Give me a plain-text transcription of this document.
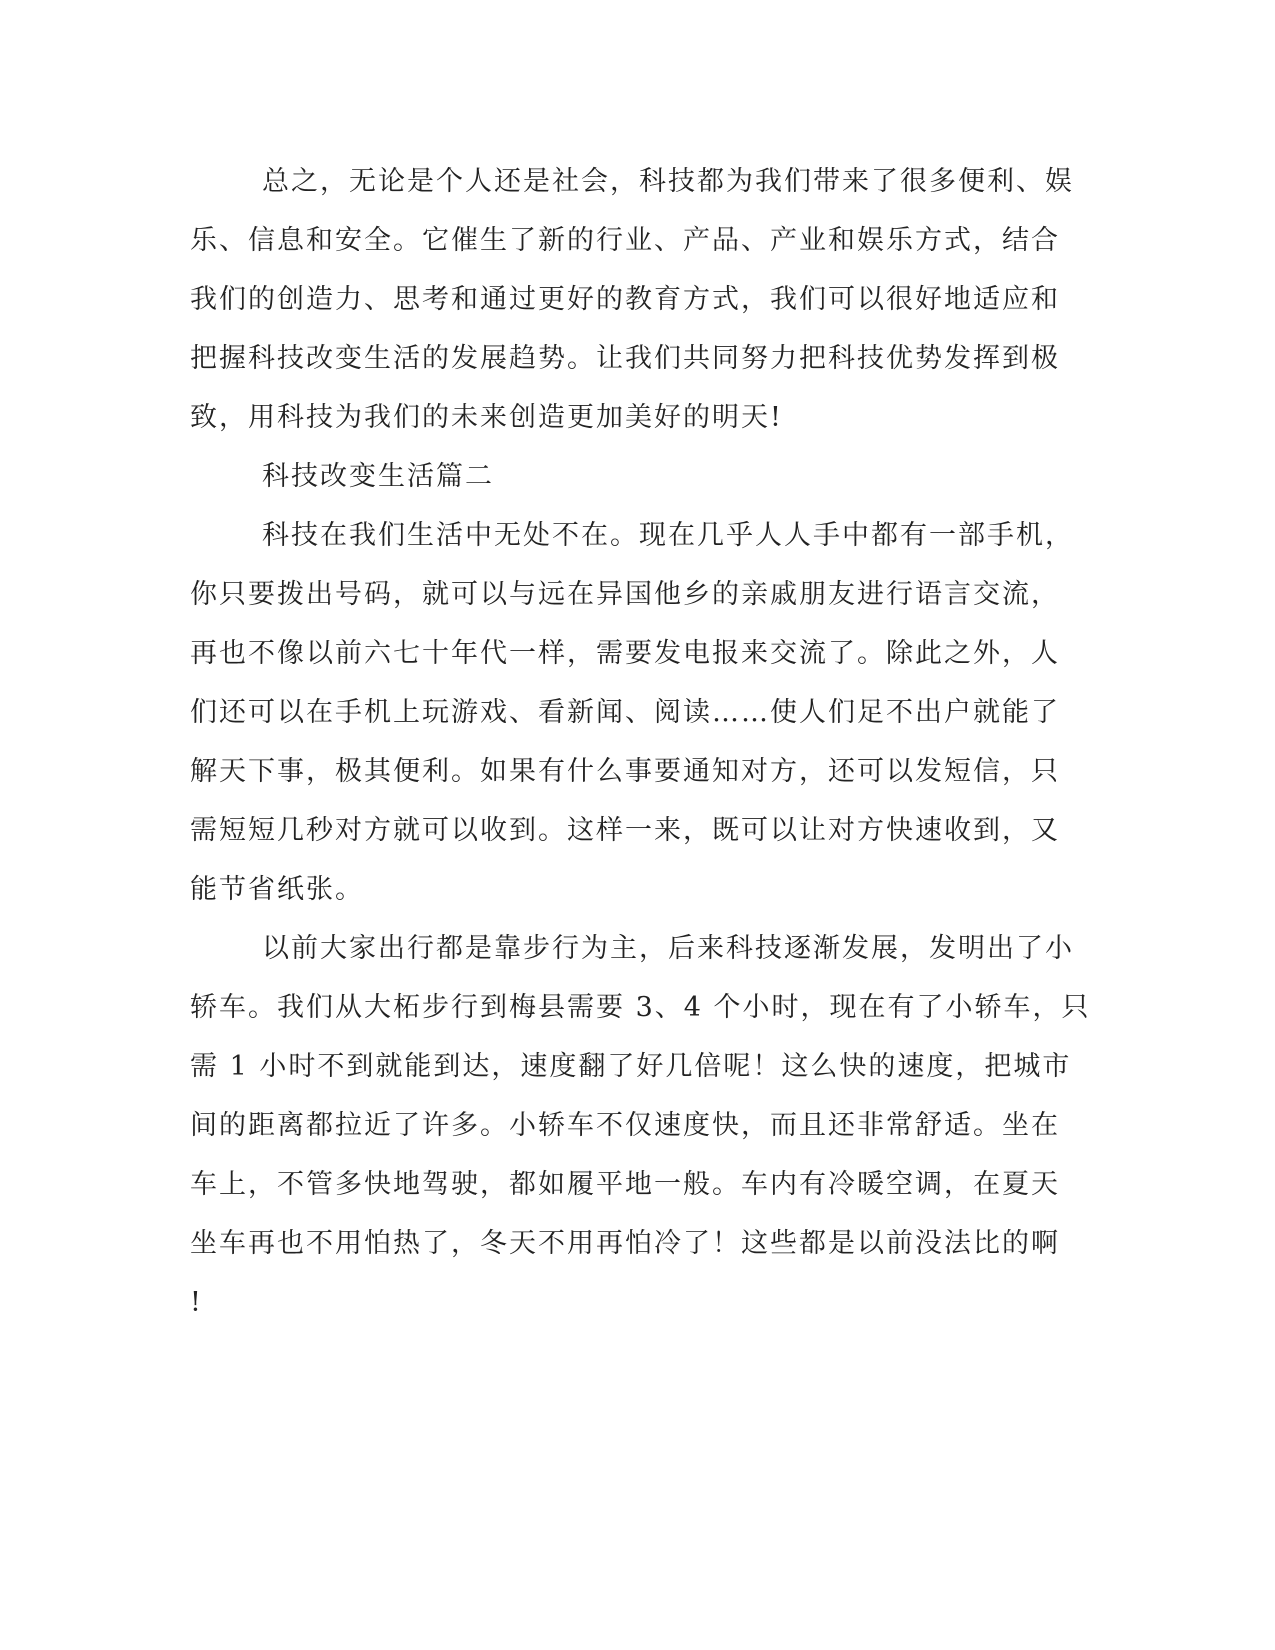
总之，无论是个人还是社会，科技都为我们带来了很多便利、娱
乐、信息和安全。它催生了新的行业、产品、产业和娱乐方式，结合
我们的创造力、思考和通过更好的教育方式，我们可以很好地适应和
把握科技改变生活的发展趋势。让我们共同努力把科技优势发挥到极
致，用科技为我们的未来创造更加美好的明天!
科技改变生活篇二
科技在我们生活中无处不在。现在几乎人人手中都有一部手机，
你只要拨出号码，就可以与远在异国他乡的亲戚朋友进行语言交流，
再也不像以前六七十年代一样，需要发电报来交流了。除此之外，人
们还可以在手机上玩游戏、看新闻、阅读……使人们足不出户就能了
解天下事，极其便利。如果有什么事要通知对方，还可以发短信，只
需短短几秒对方就可以收到。这样一来，既可以让对方快速收到，又
能节省纸张。
以前大家出行都是靠步行为主，后来科技逐渐发展，发明出了小
轿车。我们从大柘步行到梅县需要 3、4 个小时，现在有了小轿车，只
需 1 小时不到就能到达，速度翻了好几倍呢！这么快的速度，把城市
间的距离都拉近了许多。小轿车不仅速度快，而且还非常舒适。坐在
车上，不管多快地驾驶，都如履平地一般。车内有冷暖空调，在夏天
坐车再也不用怕热了，冬天不用再怕冷了！这些都是以前没法比的啊
!
